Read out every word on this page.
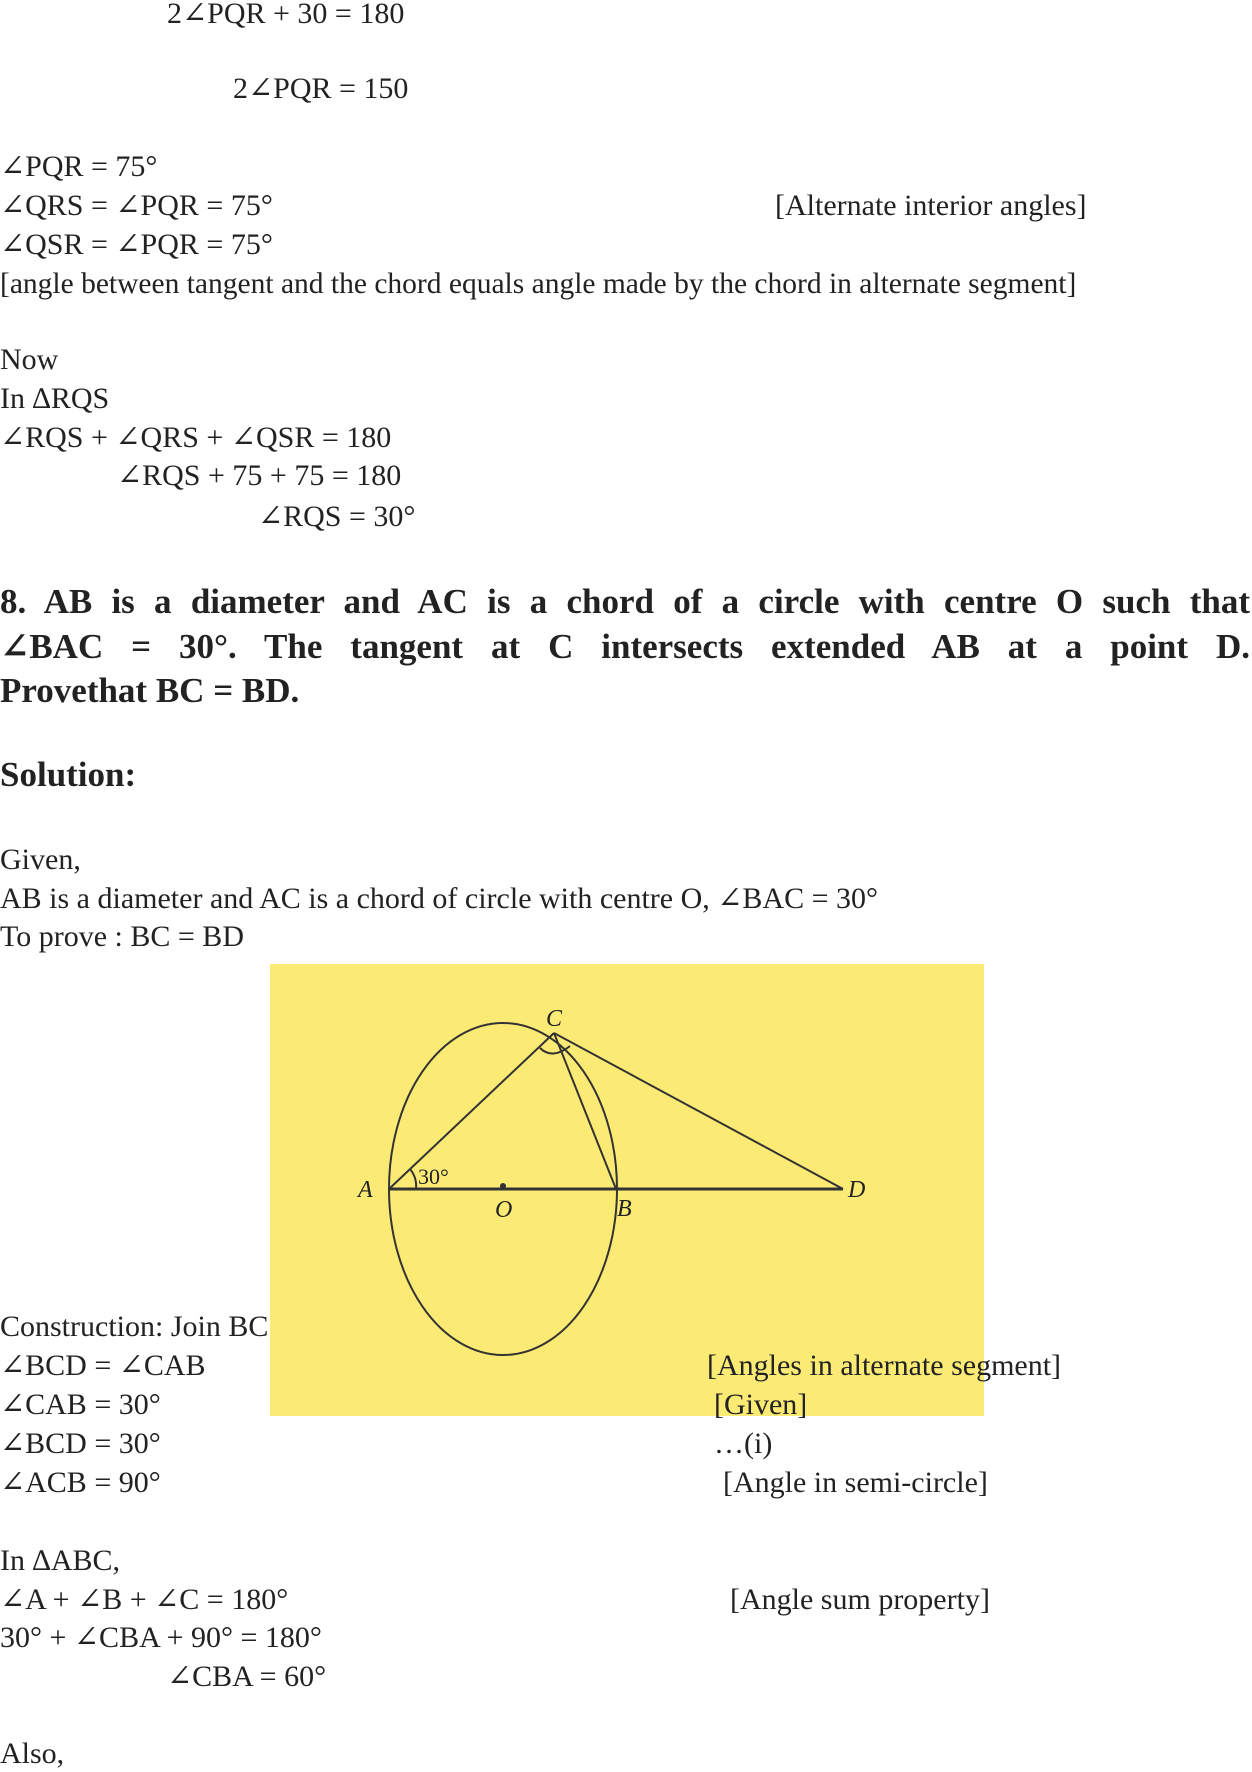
2∠PQR + 30 = 180
2∠PQR = 150
∠PQR = 75°
∠QRS = ∠PQR = 75°	[Alternate interior angles]
∠QSR = ∠PQR = 75°
[angle between tangent and the chord equals angle made by the chord in alternate segment]
Now
In ∆RQS
∠RQS + ∠QRS + ∠QSR = 180
∠RQS + 75 + 75 = 180
∠RQS = 30°
8. AB is a diameter and AC is a chord of a circle with centre O such that
∠BAC = 30°. The tangent at C intersects extended AB at a point D.
Provethat BC = BD.
Solution:
Given,
AB is a diameter and AC is a chord of circle with centre O, ∠BAC = 30°
To prove : BC = BD
A
B
C
D
O
30°
Construction: Join BC
∠BCD = ∠CAB	[Angles in alternate segment]
∠CAB = 30°	[Given]
∠BCD = 30°	…(i)
∠ACB = 90°	[Angle in semi-circle]
In ∆ABC,
∠A + ∠B + ∠C = 180°	[Angle sum property]
30° + ∠CBA + 90° = 180°
∠CBA = 60°
Also,
